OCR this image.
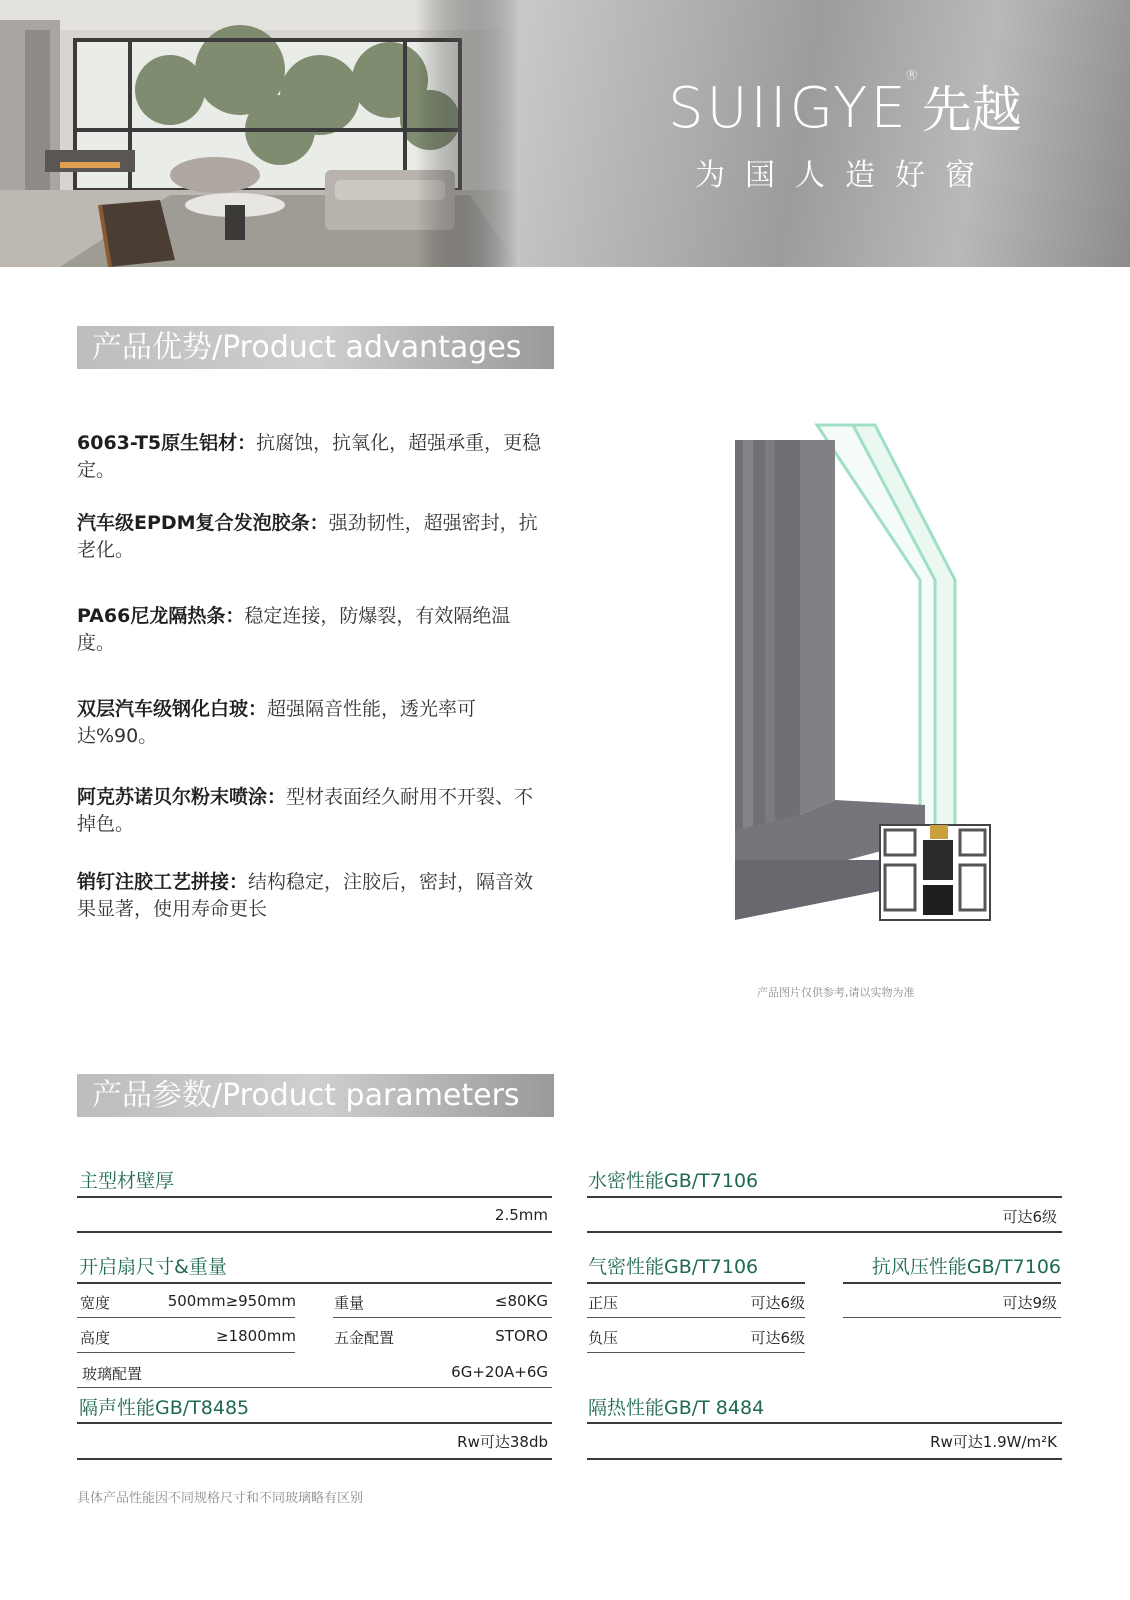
SUIIGYE®先越
为国人造好窗
产品优势/Product advantages
6063-T5原生铝材：抗腐蚀，抗氧化，超强承重，更稳定。
汽车级EPDM复合发泡胶条：强劲韧性，超强密封，抗老化。
PA66尼龙隔热条：稳定连接，防爆裂，有效隔绝温度。
双层汽车级钢化白玻：超强隔音性能，透光率可达%90。
阿克苏诺贝尔粉末喷涂：型材表面经久耐用不开裂、不掉色。
销钉注胶工艺拼接：结构稳定，注胶后，密封，隔音效果显著，使用寿命更长
产品图片仅供参考,请以实物为准
产品参数/Product parameters
主型材壁厚
2.5mm
水密性能GB/T7106
可达6级
开启扇尺寸&重量
宽度	500mm≥950mm	重量	≤80KG
高度	≥1800mm	五金配置	STORO
玻璃配置	6G+20A+6G
气密性能GB/T7106
正压	可达6级
负压	可达6级
抗风压性能GB/T7106
可达9级
隔声性能GB/T8485
Rw可达38db
隔热性能GB/T 8484
Rw可达1.9W/m²K
具体产品性能因不同规格尺寸和不同玻璃略有区别
